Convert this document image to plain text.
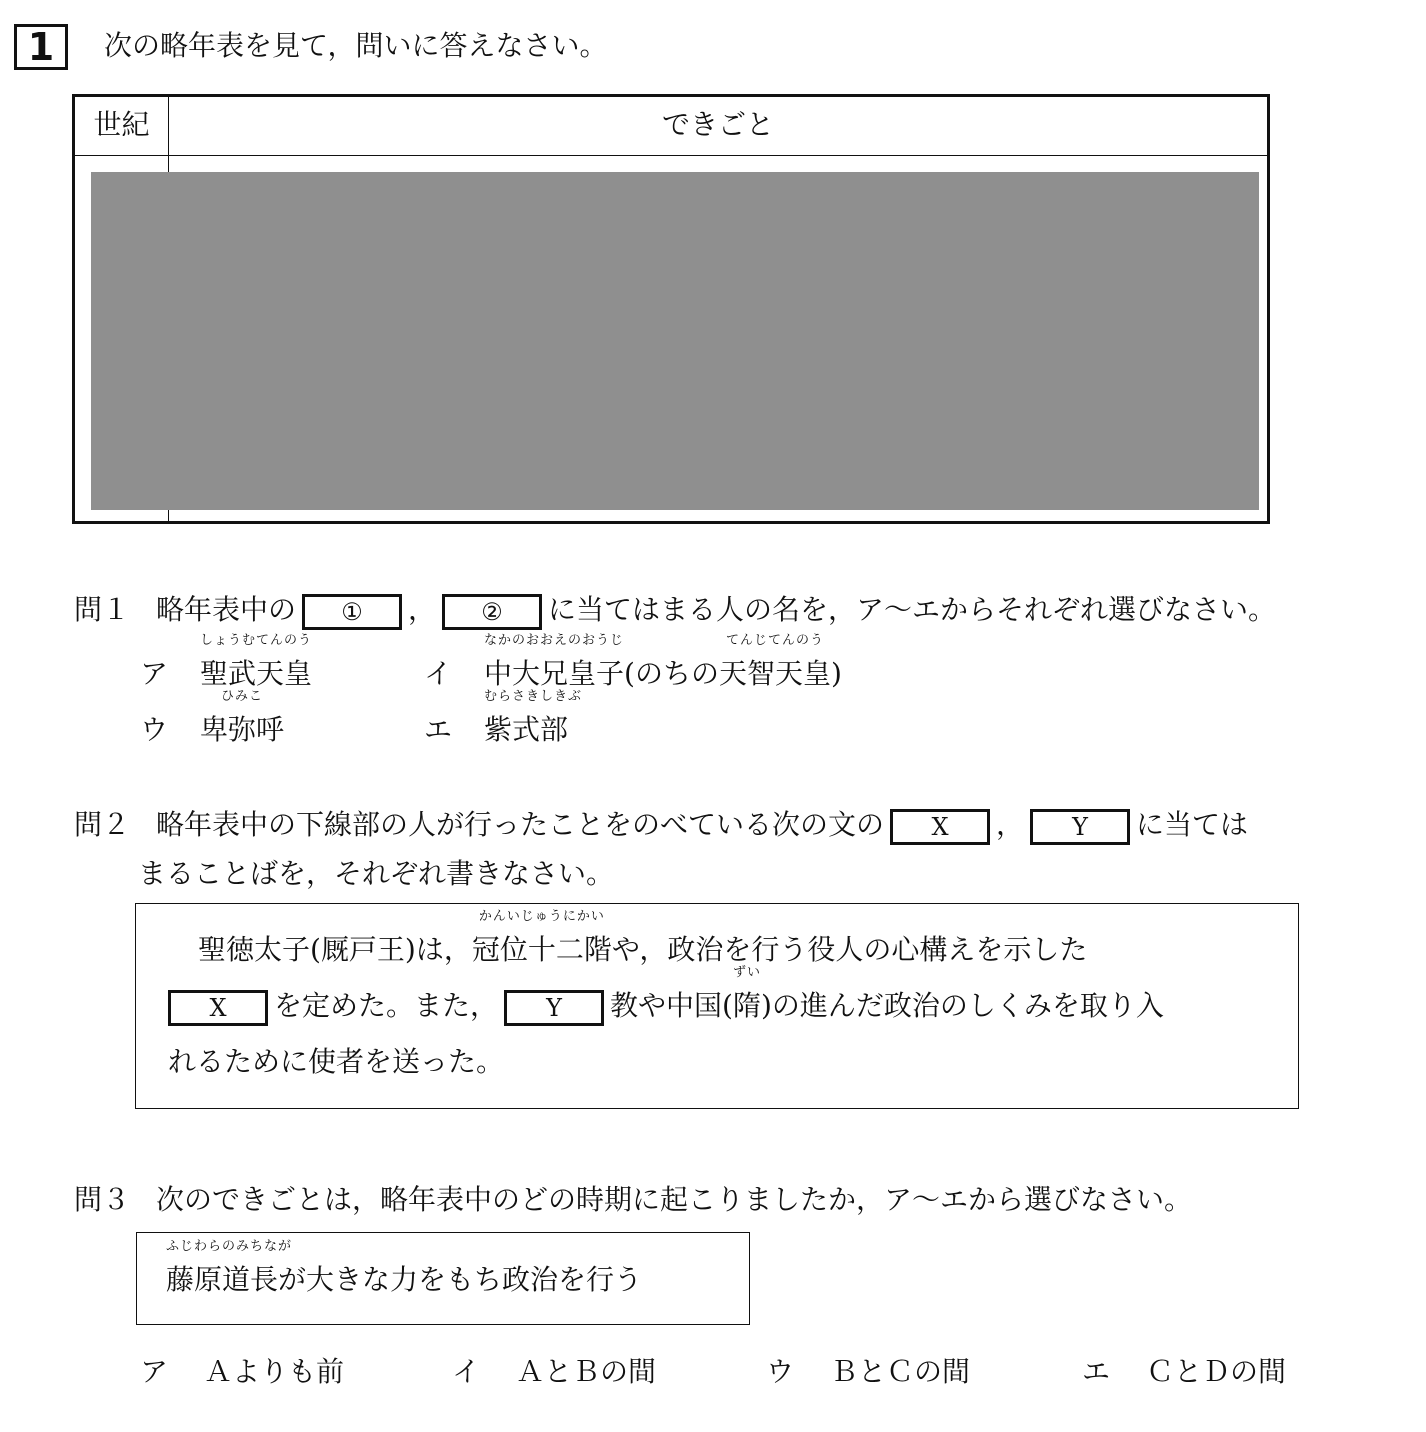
1	次の略年表を見て，問いに答えなさい。
世紀	できごと
問１ 略年表中の ① ， ② に当てはまる人の名を，ア～エからそれぞれ選びなさい。
ア
しょうむてんのう
聖武天皇	イ
なかのおおえのおうじ
中大兄皇子(のちの
てんじてんのう
天智天皇)
ウ
ひみこ
卑弥呼	エ
むらさきしきぶ
紫式部
問２ 略年表中の下線部の人が行ったことをのべている次の文の X ， Y に当ては
まることばを，それぞれ書きなさい。
聖徳太子(厩戸王)は，
かんいじゅうにかい
冠位十二階や，政治を行う役人の心構えを示した
X を定めた。また， Y 教や中国(
ずい
隋)の進んだ政治のしくみを取り入
れるために使者を送った。
問３ 次のできごとは，略年表中のどの時期に起こりましたか，ア～エから選びなさい。
ふじわらのみちなが
藤原道長が大きな力をもち政治を行う
ア Ａよりも前	イ ＡとＢの間	ウ ＢとＣの間	エ ＣとＤの間
